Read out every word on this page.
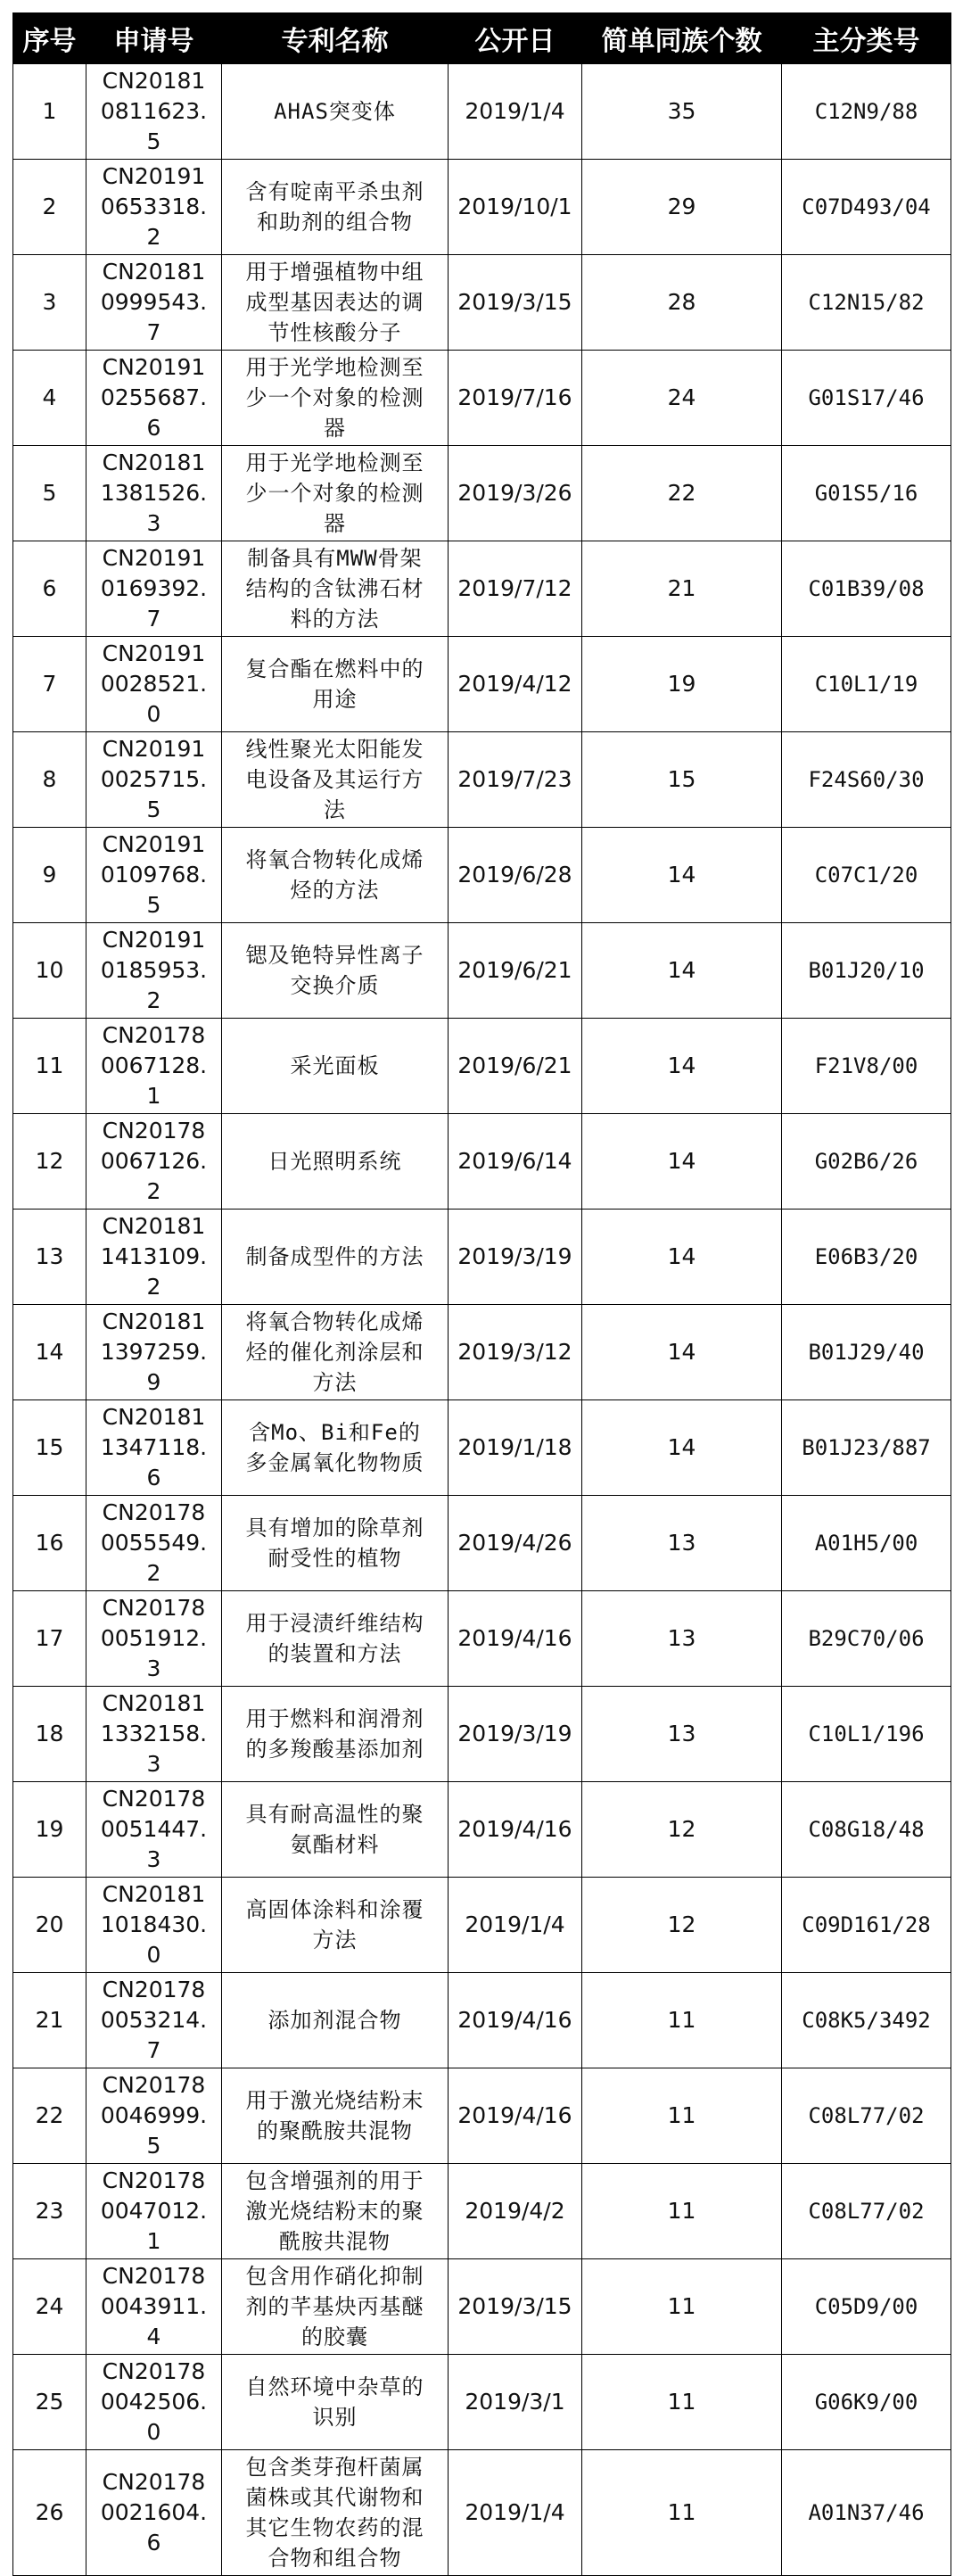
序号	申请号	专利名称	公开日	简单同族个数	主分类号
1	CN201810811623.5	AHAS突变体	2019/1/4	35	C12N9/88
2	CN201910653318.2	含有啶南平杀虫剂和助剂的组合物	2019/10/1	29	C07D493/04
3	CN201810999543.7	用于增强植物中组成型基因表达的调节性核酸分子	2019/3/15	28	C12N15/82
4	CN201910255687.6	用于光学地检测至少一个对象的检测器	2019/7/16	24	G01S17/46
5	CN201811381526.3	用于光学地检测至少一个对象的检测器	2019/3/26	22	G01S5/16
6	CN201910169392.7	制备具有MWW骨架结构的含钛沸石材料的方法	2019/7/12	21	C01B39/08
7	CN201910028521.0	复合酯在燃料中的用途	2019/4/12	19	C10L1/19
8	CN201910025715.5	线性聚光太阳能发电设备及其运行方法	2019/7/23	15	F24S60/30
9	CN201910109768.5	将氧合物转化成烯烃的方法	2019/6/28	14	C07C1/20
10	CN201910185953.2	锶及铯特异性离子交换介质	2019/6/21	14	B01J20/10
11	CN201780067128.1	采光面板	2019/6/21	14	F21V8/00
12	CN201780067126.2	日光照明系统	2019/6/14	14	G02B6/26
13	CN201811413109.2	制备成型件的方法	2019/3/19	14	E06B3/20
14	CN201811397259.9	将氧合物转化成烯烃的催化剂涂层和方法	2019/3/12	14	B01J29/40
15	CN201811347118.6	含Mo、Bi和Fe的多金属氧化物物质	2019/1/18	14	B01J23/887
16	CN201780055549.2	具有增加的除草剂耐受性的植物	2019/4/26	13	A01H5/00
17	CN201780051912.3	用于浸渍纤维结构的装置和方法	2019/4/16	13	B29C70/06
18	CN201811332158.3	用于燃料和润滑剂的多羧酸基添加剂	2019/3/19	13	C10L1/196
19	CN201780051447.3	具有耐高温性的聚氨酯材料	2019/4/16	12	C08G18/48
20	CN201811018430.0	高固体涂料和涂覆方法	2019/1/4	12	C09D161/28
21	CN201780053214.7	添加剂混合物	2019/4/16	11	C08K5/3492
22	CN201780046999.5	用于激光烧结粉末的聚酰胺共混物	2019/4/16	11	C08L77/02
23	CN201780047012.1	包含增强剂的用于激光烧结粉末的聚酰胺共混物	2019/4/2	11	C08L77/02
24	CN201780043911.4	包含用作硝化抑制剂的芊基炔丙基醚的胶囊	2019/3/15	11	C05D9/00
25	CN201780042506.0	自然环境中杂草的识别	2019/3/1	11	G06K9/00
26	CN201780021604.6	包含类芽孢杆菌属菌株或其代谢物和其它生物农药的混合物和组合物	2019/1/4	11	A01N37/46
